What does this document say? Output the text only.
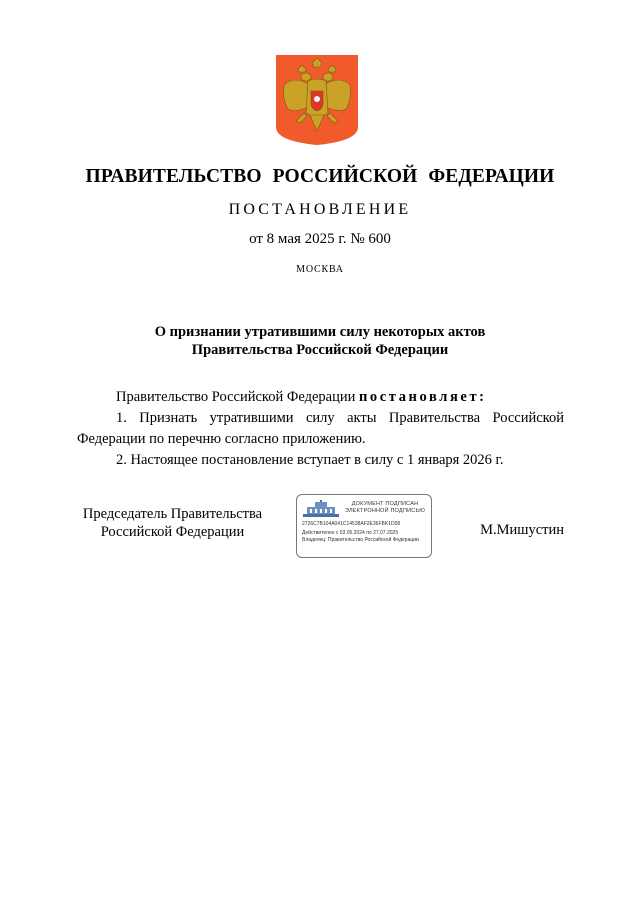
ПРАВИТЕЛЬСТВО РОССИЙСКОЙ ФЕДЕРАЦИИ
ПОСТАНОВЛЕНИЕ
от 8 мая 2025 г. № 600
МОСКВА
О признании утратившими силу некоторых актов
Правительства Российской Федерации

Правительство Российской Федерации постановляет:

1. Признать утратившими силу акты Правительства Российской Федерации по перечню согласно приложению.

2. Настоящее постановление вступает в силу с 1 января 2026 г.

Председатель Правительства
Российской Федерации
ДОКУМЕНТ ПОДПИСАН
ЭЛЕКТРОННОЙ ПОДПИСЬЮ
2726C7B104A041C14538AF2E36FBK1D08
Действителен с 03.05.2024 по 27.07.2025
Владелец: Правительство Российской Федерации
М.Мишустин
